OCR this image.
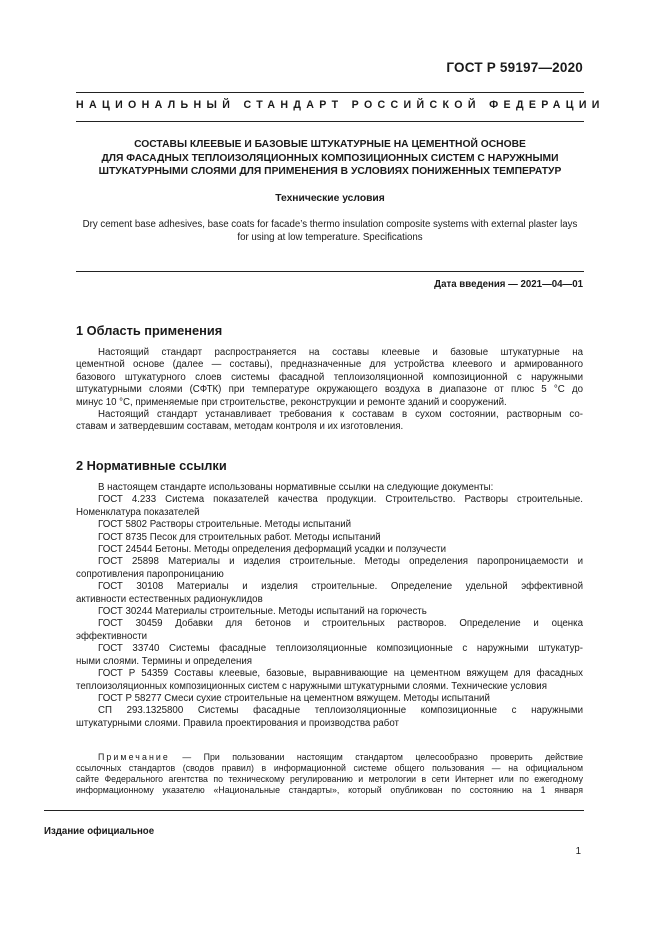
ГОСТ Р 59197—2020
НАЦИОНАЛЬНЫЙ СТАНДАРТ РОССИЙСКОЙ ФЕДЕРАЦИИ
СОСТАВЫ КЛЕЕВЫЕ И БАЗОВЫЕ ШТУКАТУРНЫЕ НА ЦЕМЕНТНОЙ ОСНОВЕ
ДЛЯ ФАСАДНЫХ ТЕПЛОИЗОЛЯЦИОННЫХ КОМПОЗИЦИОННЫХ СИСТЕМ С НАРУЖНЫМИ
ШТУКАТУРНЫМИ СЛОЯМИ ДЛЯ ПРИМЕНЕНИЯ В УСЛОВИЯХ ПОНИЖЕННЫХ ТЕМПЕРАТУР
Технические условия
Dry cement base adhesives, base coats for facade’s thermo insulation composite systems with external plaster lays
for using at low temperature. Specifications
Дата введения — 2021—04—01
1 Область применения

Настоящий стандарт распространяется на составы клеевые и базовые штукатурные на

цементной основе (далее — составы), предназначенные для устройства клеевого и армированного

базового штукатурного слоев системы фасадной теплоизоляционной композиционной с наружными

штукатурными слоями (СФТК) при температуре окружающего воздуха в диапазоне от плюс 5 °С до

минус 10 °С, применяемые при строительстве, реконструкции и ремонте зданий и сооружений.

Настоящий стандарт устанавливает требования к составам в сухом состоянии, растворным со-

ставам и затвердевшим составам, методам контроля и их изготовления.

2 Нормативные ссылки

В настоящем стандарте использованы нормативные ссылки на следующие документы:

ГОСТ 4.233 Система показателей качества продукции. Строительство. Растворы строительные.

Номенклатура показателей

ГОСТ 5802 Растворы строительные. Методы испытаний

ГОСТ 8735 Песок для строительных работ. Методы испытаний

ГОСТ 24544 Бетоны. Методы определения деформаций усадки и ползучести

ГОСТ 25898 Материалы и изделия строительные. Методы определения паропроницаемости и

сопротивления паропроницанию

ГОСТ 30108 Материалы и изделия строительные. Определение удельной эффективной

активности естественных радионуклидов

ГОСТ 30244 Материалы строительные. Методы испытаний на горючесть

ГОСТ 30459 Добавки для бетонов и строительных растворов. Определение и оценка

эффективности

ГОСТ 33740 Системы фасадные теплоизоляционные композиционные с наружными штукатур-

ными слоями. Термины и определения

ГОСТ Р 54359 Составы клеевые, базовые, выравнивающие на цементном вяжущем для фасадных

теплоизоляционных композиционных систем с наружными штукатурными слоями. Технические условия

ГОСТ Р 58277 Смеси сухие строительные на цементном вяжущем. Методы испытаний

СП 293.1325800 Системы фасадные теплоизоляционные композиционные с наружными

штукатурными слоями. Правила проектирования и производства работ

Примечание — При пользовании настоящим стандартом целесообразно проверить действие

ссылочных стандартов (сводов правил) в информационной системе общего пользования — на официальном

сайте Федерального агентства по техническому регулированию и метрологии в сети Интернет или по ежегодному

информационному указателю «Национальные стандарты», который опубликован по состоянию на 1 января

Издание официальное
1
